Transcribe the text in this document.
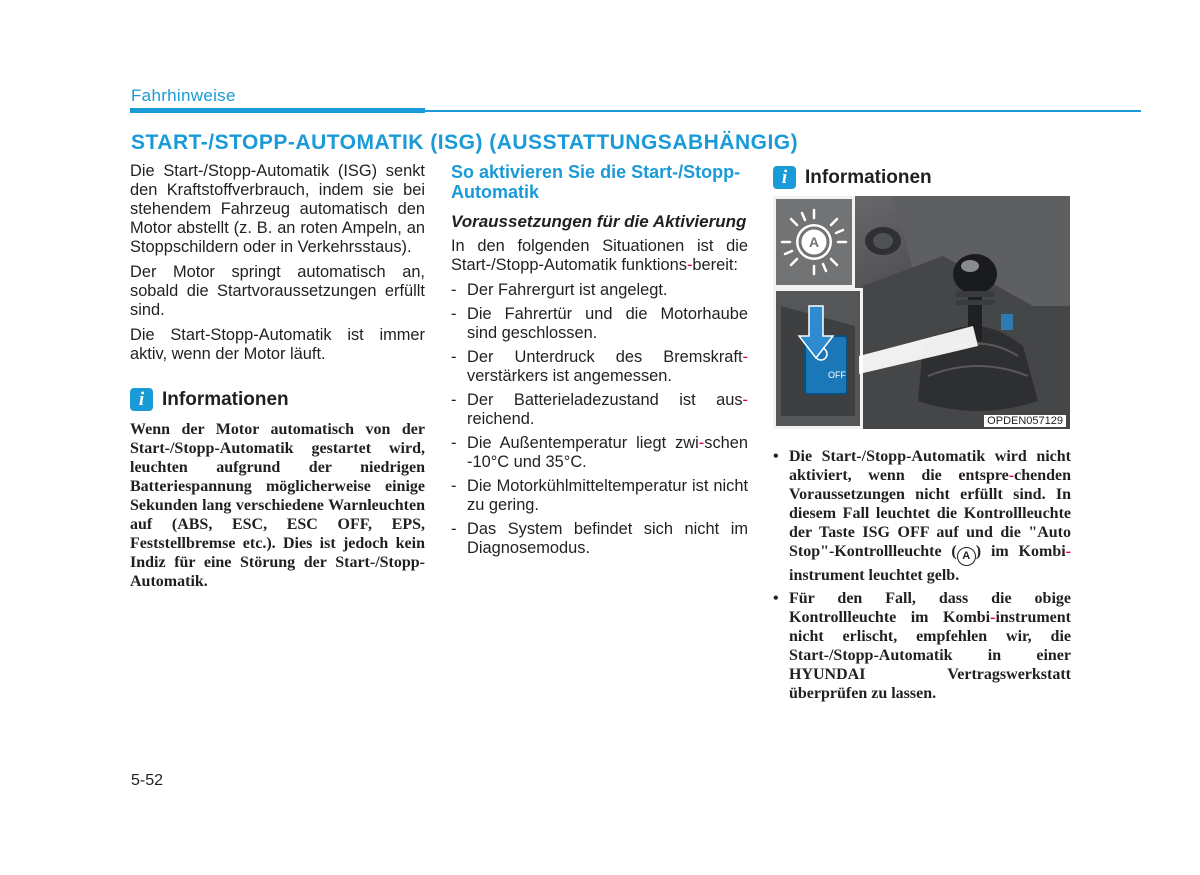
Fahrhinweise
START-/STOPP-AUTOMATIK (ISG) (AUSSTATTUNGSABHÄNGIG)

Die Start-/Stopp-Automatik (ISG) senkt den Kraftstoffverbrauch, indem sie bei stehendem Fahrzeug automatisch den Motor abstellt (z. B. an roten Ampeln, an Stoppschildern oder in Verkehrsstaus).

Der Motor springt automatisch an, sobald die Startvoraussetzungen erfüllt sind.

Die Start-Stopp-Automatik ist immer aktiv, wenn der Motor läuft.

i Informationen

Wenn der Motor automatisch von der Start-/Stopp-Automatik gestartet wird, leuchten aufgrund der niedrigen Batteriespannung möglicherweise einige Sekunden lang verschiedene Warnleuchten auf (ABS, ESC, ESC OFF, EPS, Feststellbremse etc.). Dies ist jedoch kein Indiz für eine Störung der Start-/Stopp-Automatik.

So aktivieren Sie die Start-/Stopp-Automatik

Voraussetzungen für die Aktivierung

In den folgenden Situationen ist die Start-/Stopp-Automatik funktions-bereit:

- Der Fahrergurt ist angelegt.
- Die Fahrertür und die Motorhaube sind geschlossen.
- Der Unterdruck des Bremskraft-verstärkers ist angemessen.
- Der Batterieladezustand ist aus-reichend.
- Die Außentemperatur liegt zwi-schen -10°C und 35°C.
- Die Motorkühlmitteltemperatur ist nicht zu gering.
- Das System befindet sich nicht im Diagnosemodus.
i Informationen
OFF
A
OPDEN057129
• Die Start-/Stopp-Automatik wird nicht aktiviert, wenn die entspre-chenden Voraussetzungen nicht erfüllt sind. In diesem Fall leuchtet die Kontrollleuchte der Taste ISG OFF auf und die "Auto Stop"-Kontrollleuchte ( A ) im Kombi-instrument leuchtet gelb.
• Für den Fall, dass die obige Kontrollleuchte im Kombi-instrument nicht erlischt, empfehlen wir, die Start-/Stopp-Automatik in einer HYUNDAI Vertragswerkstatt überprüfen zu lassen.
5-52
